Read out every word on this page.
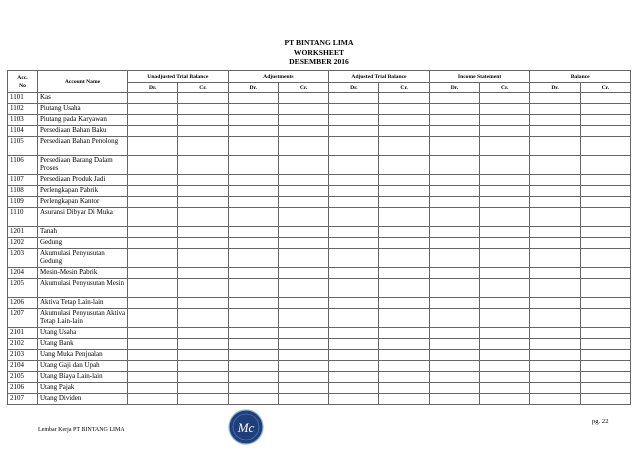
PT BINTANG LIMA
WORKSHEET
DESEMBER 2016
Acc.
No	Account Name	Unadjusted Trial Balance		Adjustments		Adjusted Trial Balance		Income Statement		Balance	
		Dr.	Cr.	Dr.	Cr.	Dr.	Cr.	Dr.	Cr.	Dr.	Cr.
1101	Kas										
1102	Piutang Usaha										
1103	Piutang pada Karyawan										
1104	Persediaan Bahan Baku										
1105	Persediaan Bahan Penolong										
1106	Persediaan Barang Dalam Proses										
1107	Persediaan Produk Jadi										
1108	Perlengkapan Pabrik										
1109	Perlengkapan Kantor										
1110	Asuransi Dibyar Di Muka										
1201	Tanah										
1202	Gedung										
1203	Akumulasi Penyusutan Gedung										
1204	Mesin-Mesin Pabrik										
1205	Akumulasi Penyusutan Mesin										
1206	Aktiva Tetap Lain-lain										
1207	Akumulasi Penyusutan Aktiva Tetap Lain-lain										
2101	Utang Usaha										
2102	Utang Bank										
2103	Uang Muka Penjualan										
2104	Utang Gaji dan Upah										
2105	Utang Biaya Lain-lain										
2106	Utang Pajak										
2107	Utang Dividen										
Mc
Lembar Kerja PT BINTANG LIMA
pg. 22
